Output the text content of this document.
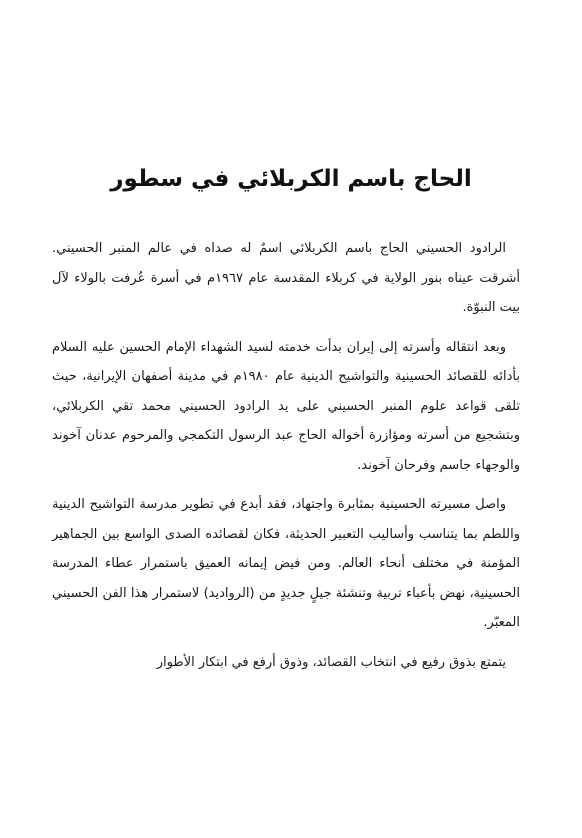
الحاج باسم الكربلائي في سطور

الرادود الحسيني الحاج باسم الكربلائي اسمٌ له صداه في عالم المنبر الحسيني. أشرقت عيناه بنور الولاية في كربلاء المقدسة عام ١٩٦٧م في أسرة عُرفت بالولاء لآل بيت النبوّة.

وبعد انتقاله وأسرته إلى إيران بدأت خدمته لسيد الشهداء الإمام الحسين عليه السلام بأدائه للقصائد الحسينية والتواشيح الدينية عام ١٩٨٠م في مدينة أصفهان الإيرانية، حيث تلقى قواعد علوم المنبر الحسيني على يد الرادود الحسيني محمد تقي الكربلائي، وبتشجيع من أسرته ومؤازرة أخواله الحاج عبد الرسول التكمجي والمرحوم عدنان آخوند والوجهاء جاسم وفرحان آخوند.

واصل مسيرته الحسينية بمثابرة واجتهاد، فقد أبدع في تطوير مدرسة التواشيح الدينية واللطم بما يتناسب وأساليب التعبير الحديثة، فكان لقصائده الصدى الواسع بين الجماهير المؤمنة في مختلف أنحاء العالم. ومن فيض إيمانه العميق باستمرار عطاء المدرسة الحسينية، نهض بأعباء تربية وتنشئة جيلٍ جديدٍ من (الروادید) لاستمرار هذا الفن الحسيني المعبّر.

يتمتع بذوق رفيع في انتخاب القصائد، وذوق أرفع في ابتكار الأطوار
